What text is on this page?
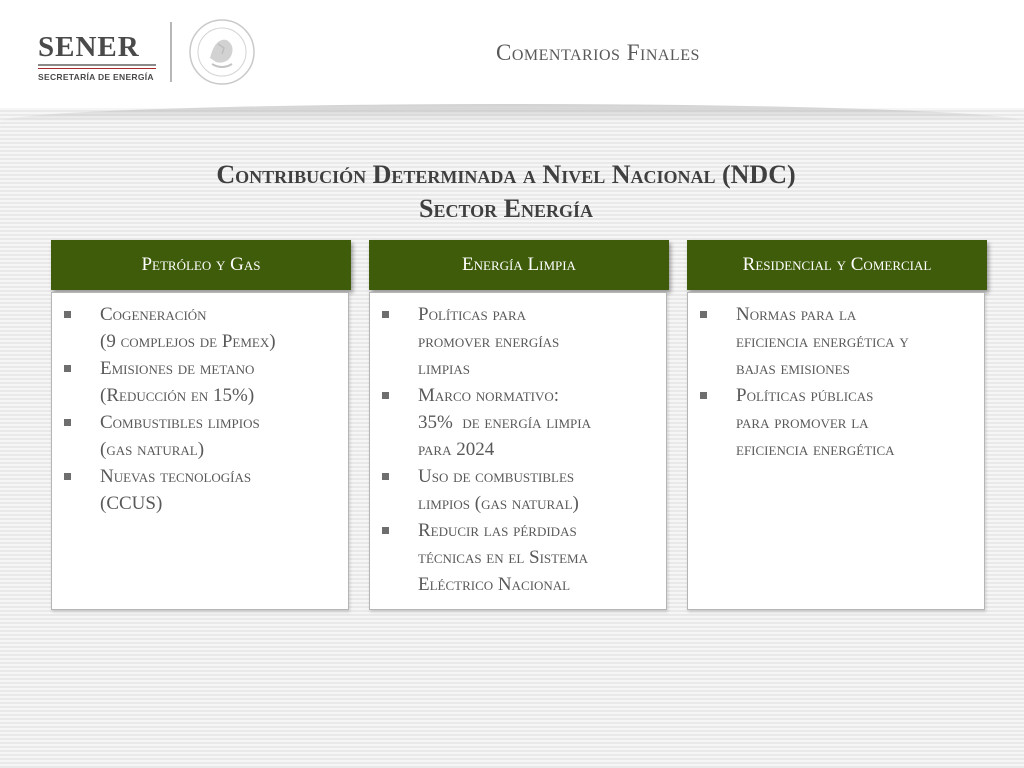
SENER
SECRETARÍA DE ENERGÍA
Comentarios Finales
Contribución Determinada a Nivel Nacional (NDC)
Sector Energía
Petróleo y Gas
Cogeneración
(9 complejos de Pemex)
Emisiones de metano
(Reducción en 15%)
Combustibles limpios
(gas natural)
Nuevas tecnologías
(CCUS)
Energía Limpia
Políticas para
promover energías
limpias
Marco normativo:
35%  de energía limpia
para 2024
Uso de combustibles
limpios (gas natural)
Reducir las pérdidas
técnicas en el Sistema
Eléctrico Nacional
Residencial y Comercial
Normas para la
eficiencia energética y
bajas emisiones
Políticas públicas
para promover la
eficiencia energética
